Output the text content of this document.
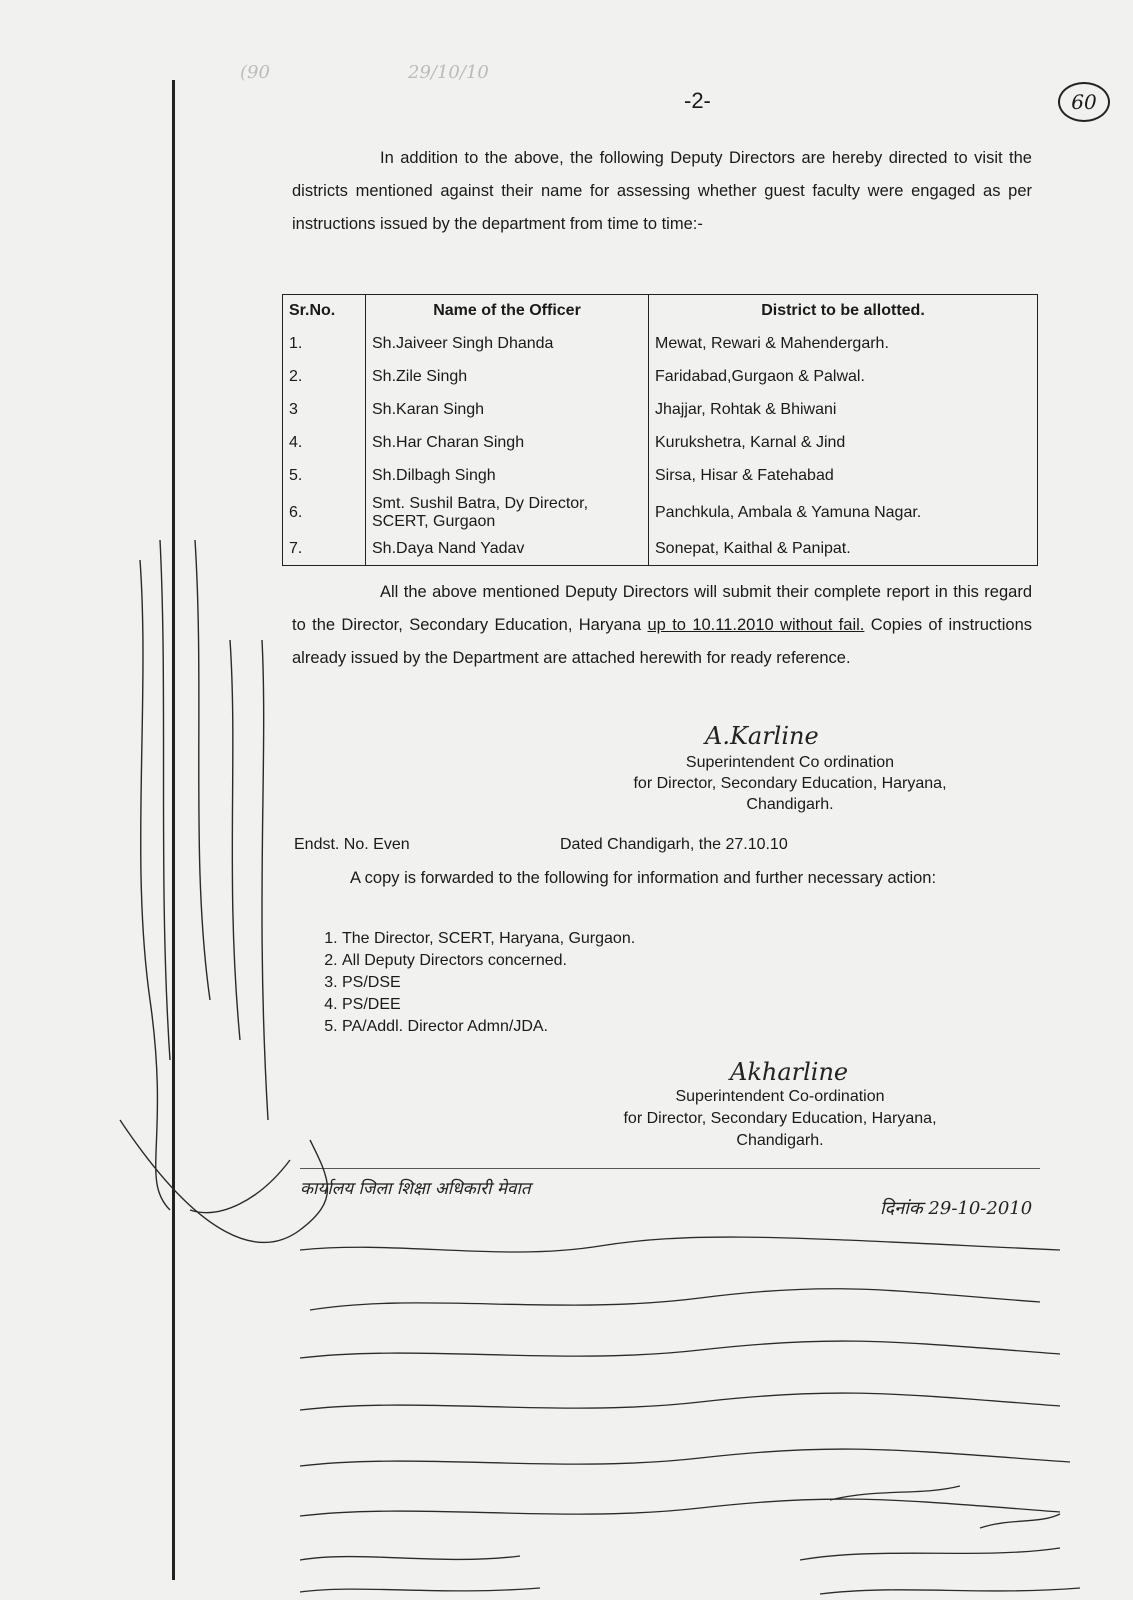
(90	29/10/10
-2-	60
In addition to the above, the following Deputy Directors are hereby directed to visit the districts mentioned against their name for assessing whether guest faculty were engaged as per instructions issued by the department from time to time:-
Sr.No.	Name of the Officer	District to be allotted.
1.	Sh.Jaiveer Singh Dhanda	Mewat, Rewari & Mahendergarh.
2.	Sh.Zile Singh	Faridabad,Gurgaon & Palwal.
3	Sh.Karan Singh	Jhajjar, Rohtak & Bhiwani
4.	Sh.Har Charan Singh	Kurukshetra, Karnal & Jind
5.	Sh.Dilbagh Singh	Sirsa, Hisar & Fatehabad
6.	Smt. Sushil Batra, Dy Director, SCERT, Gurgaon	Panchkula, Ambala & Yamuna Nagar.
7.	Sh.Daya Nand Yadav	Sonepat, Kaithal & Panipat.
All the above mentioned Deputy Directors will submit their complete report in this regard to the Director, Secondary Education, Haryana up to 10.11.2010 without fail. Copies of instructions already issued by the Department are attached herewith for ready reference.
A.Karline
Superintendent Co ordination
for Director, Secondary Education, Haryana,
Chandigarh.
Endst. No. Even	Dated Chandigarh, the 27.10.10
A copy is forwarded to the following for information and further necessary action:
1. The Director, SCERT, Haryana, Gurgaon.
2. All Deputy Directors concerned.
3. PS/DSE
4. PS/DEE
5. PA/Addl. Director Admn/JDA.
Akharline
Superintendent Co-ordination
for Director, Secondary Education, Haryana,
Chandigarh.
कार्यालय जिला शिक्षा अधिकारी मेवात
दिनांक 29-10-2010
